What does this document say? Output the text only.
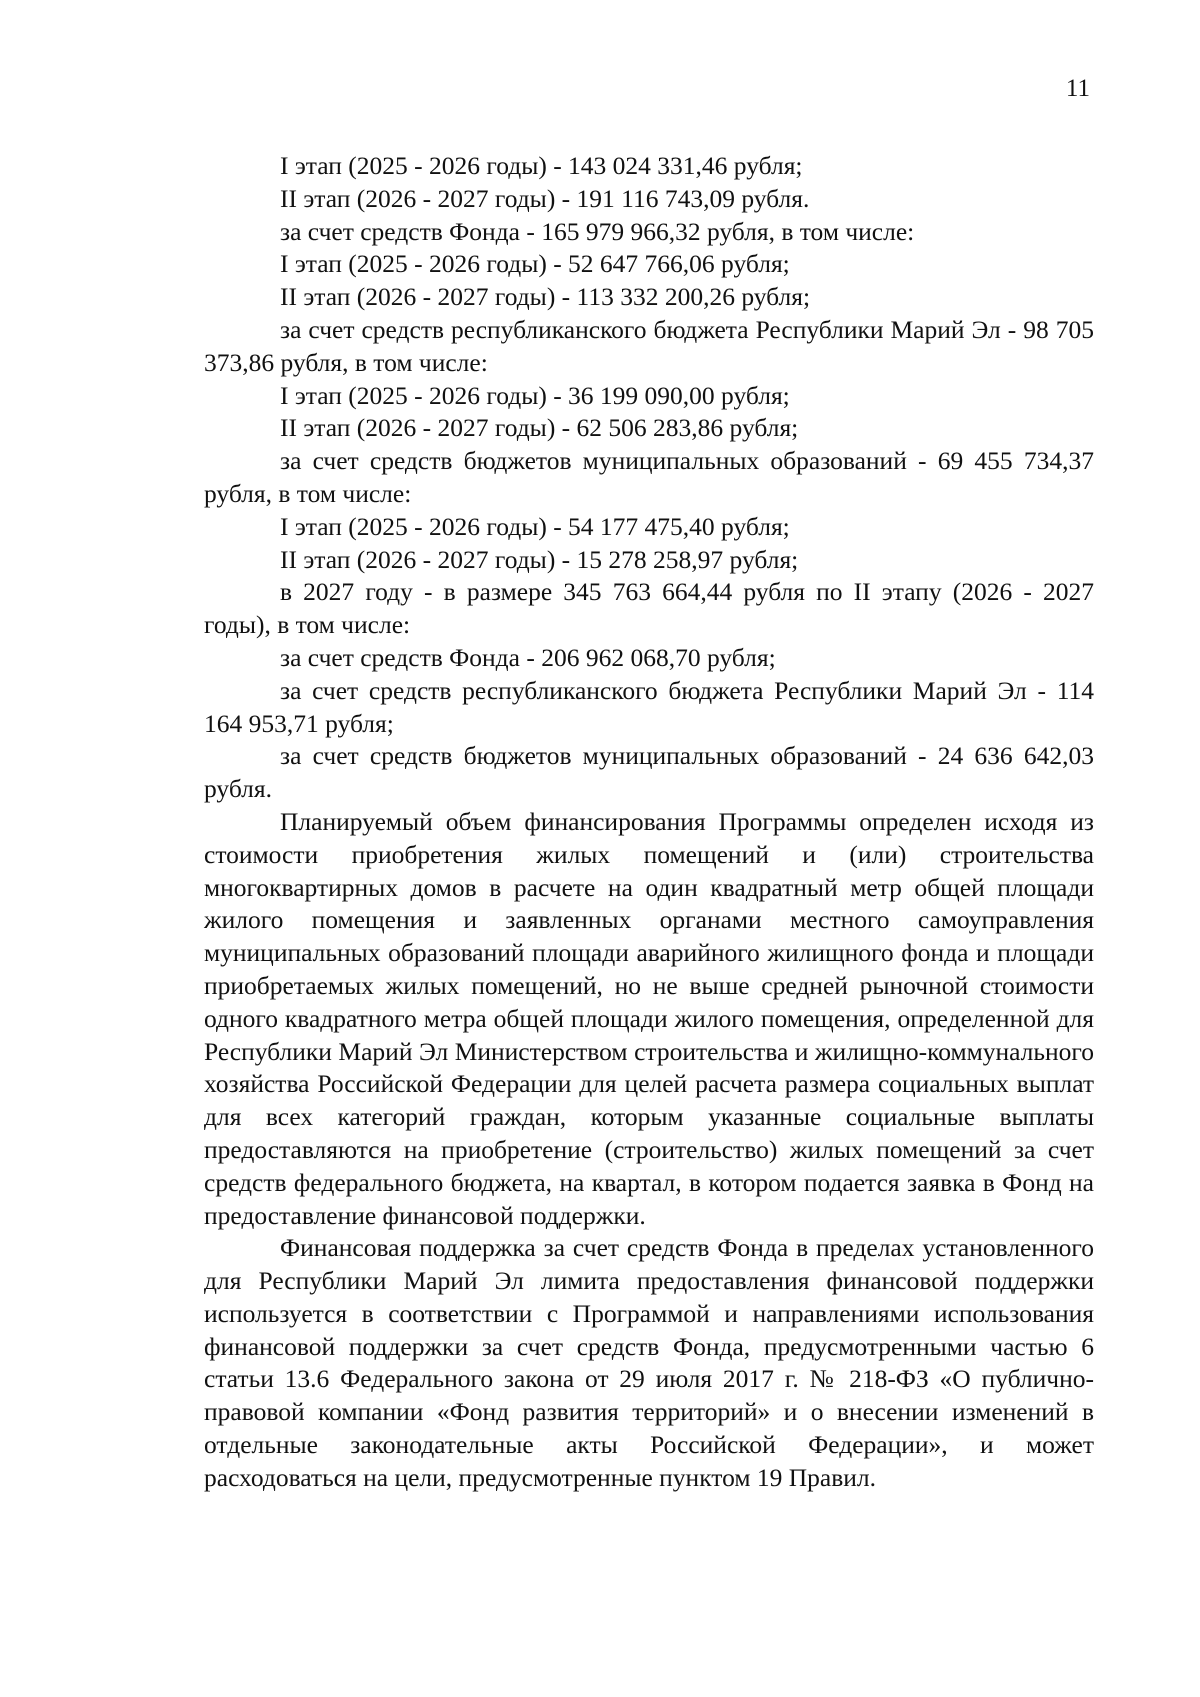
11

I этап (2025 - 2026 годы) - 143 024 331,46 рубля;

II этап (2026 - 2027 годы) - 191 116 743,09 рубля.

за счет средств Фонда - 165 979 966,32 рубля, в том числе:

I этап (2025 - 2026 годы) - 52 647 766,06 рубля;

II этап (2026 - 2027 годы) - 113 332 200,26 рубля;

за счет средств республиканского бюджета Республики Марий Эл - 98 705 373,86 рубля, в том числе:

I этап (2025 - 2026 годы) - 36 199 090,00 рубля;

II этап (2026 - 2027 годы) - 62 506 283,86 рубля;

за счет средств бюджетов муниципальных образований - 69 455 734,37 рубля, в том числе:

I этап (2025 - 2026 годы) - 54 177 475,40 рубля;

II этап (2026 - 2027 годы) - 15 278 258,97 рубля;

в 2027 году - в размере 345 763 664,44 рубля по II этапу (2026 - 2027 годы), в том числе:

за счет средств Фонда - 206 962 068,70 рубля;

за счет средств республиканского бюджета Республики Марий Эл - 114 164 953,71 рубля;

за счет средств бюджетов муниципальных образований - 24 636 642,03 рубля.

Планируемый объем финансирования Программы определен исходя из стоимости приобретения жилых помещений и (или) строительства многоквартирных домов в расчете на один квадратный метр общей площади жилого помещения и заявленных органами местного самоуправления муниципальных образований площади аварийного жилищного фонда и площади приобретаемых жилых помещений, но не выше средней рыночной стоимости одного квадратного метра общей площади жилого помещения, определенной для Республики Марий Эл Министерством строительства и жилищно-коммунального хозяйства Российской Федерации для целей расчета размера социальных выплат для всех категорий граждан, которым указанные социальные выплаты предоставляются на приобретение (строительство) жилых помещений за счет средств федерального бюджета, на квартал, в котором подается заявка в Фонд на предоставление финансовой поддержки.

Финансовая поддержка за счет средств Фонда в пределах установленного для Республики Марий Эл лимита предоставления финансовой поддержки используется в соответствии с Программой и направлениями использования финансовой поддержки за счет средств Фонда, предусмотренными частью 6 статьи 13.6 Федерального закона от 29 июля 2017 г. № 218-ФЗ «О публично-правовой компании «Фонд развития территорий» и о внесении изменений в отдельные законодательные акты Российской Федерации», и может расходоваться на цели, предусмотренные пунктом 19 Правил.
